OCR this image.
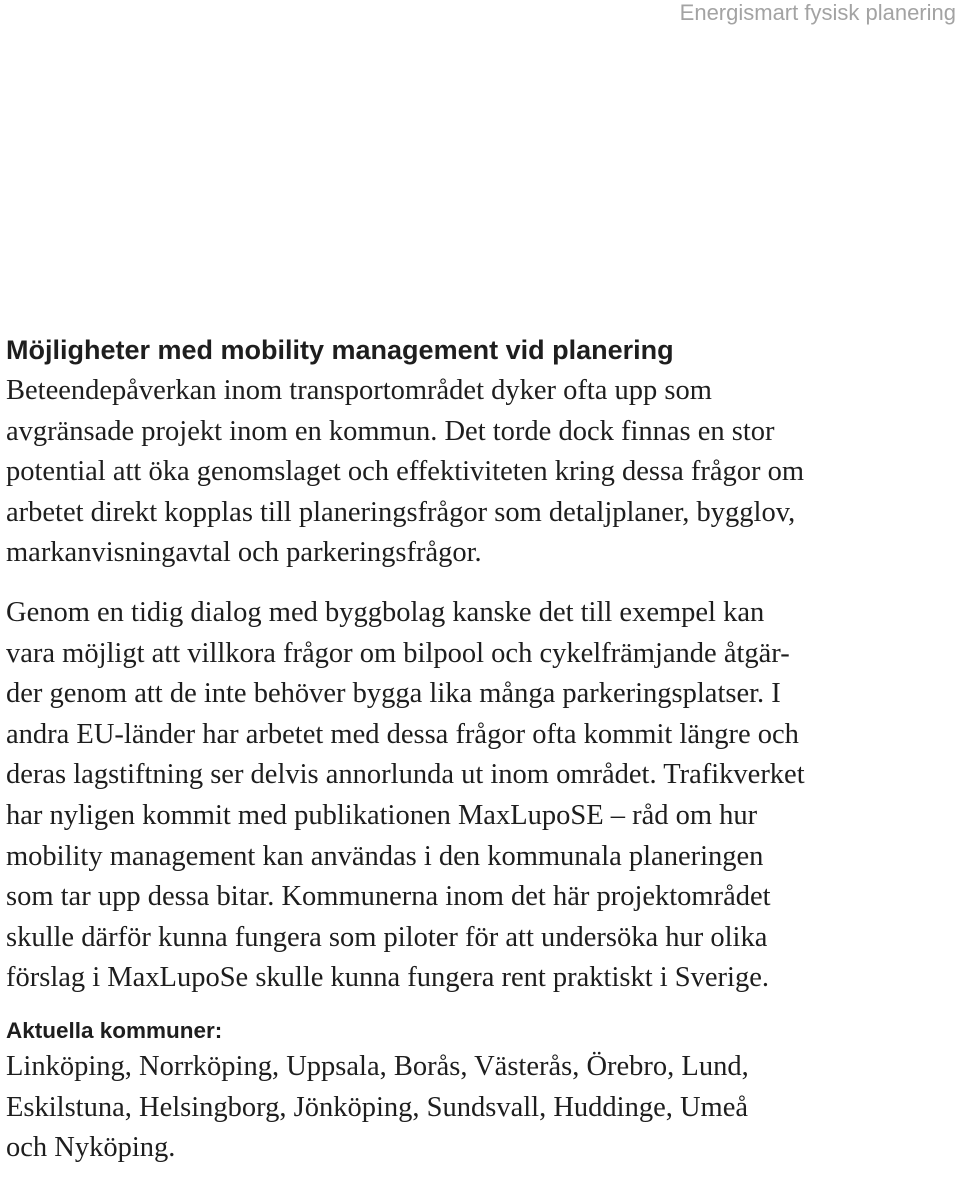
Energismart fysisk planering
Möjligheter med mobility management vid planering

Beteendepåverkan inom transportområdet dyker ofta upp som
avgränsade projekt inom en kommun. Det torde dock finnas en stor
potential att öka genomslaget och effektiviteten kring dessa frågor om
arbetet direkt kopplas till planeringsfrågor som detaljplaner, bygglov,
markanvisningavtal och parkeringsfrågor.

Genom en tidig dialog med byggbolag kanske det till exempel kan
vara möjligt att villkora frågor om bilpool och cykelfrämjande åtgär-
der genom att de inte behöver bygga lika många parkeringsplatser. I
andra EU-länder har arbetet med dessa frågor ofta kommit längre och
deras lagstiftning ser delvis annorlunda ut inom området. Trafikverket
har nyligen kommit med publikationen MaxLupoSE – råd om hur
mobility management kan användas i den kommunala planeringen
som tar upp dessa bitar. Kommunerna inom det här projektområdet
skulle därför kunna fungera som piloter för att undersöka hur olika
förslag i MaxLupoSe skulle kunna fungera rent praktiskt i Sverige.

Aktuella kommuner:

Linköping, Norrköping, Uppsala, Borås, Västerås, Örebro, Lund,
Eskilstuna, Helsingborg, Jönköping, Sundsvall, Huddinge, Umeå
och Nyköping.
